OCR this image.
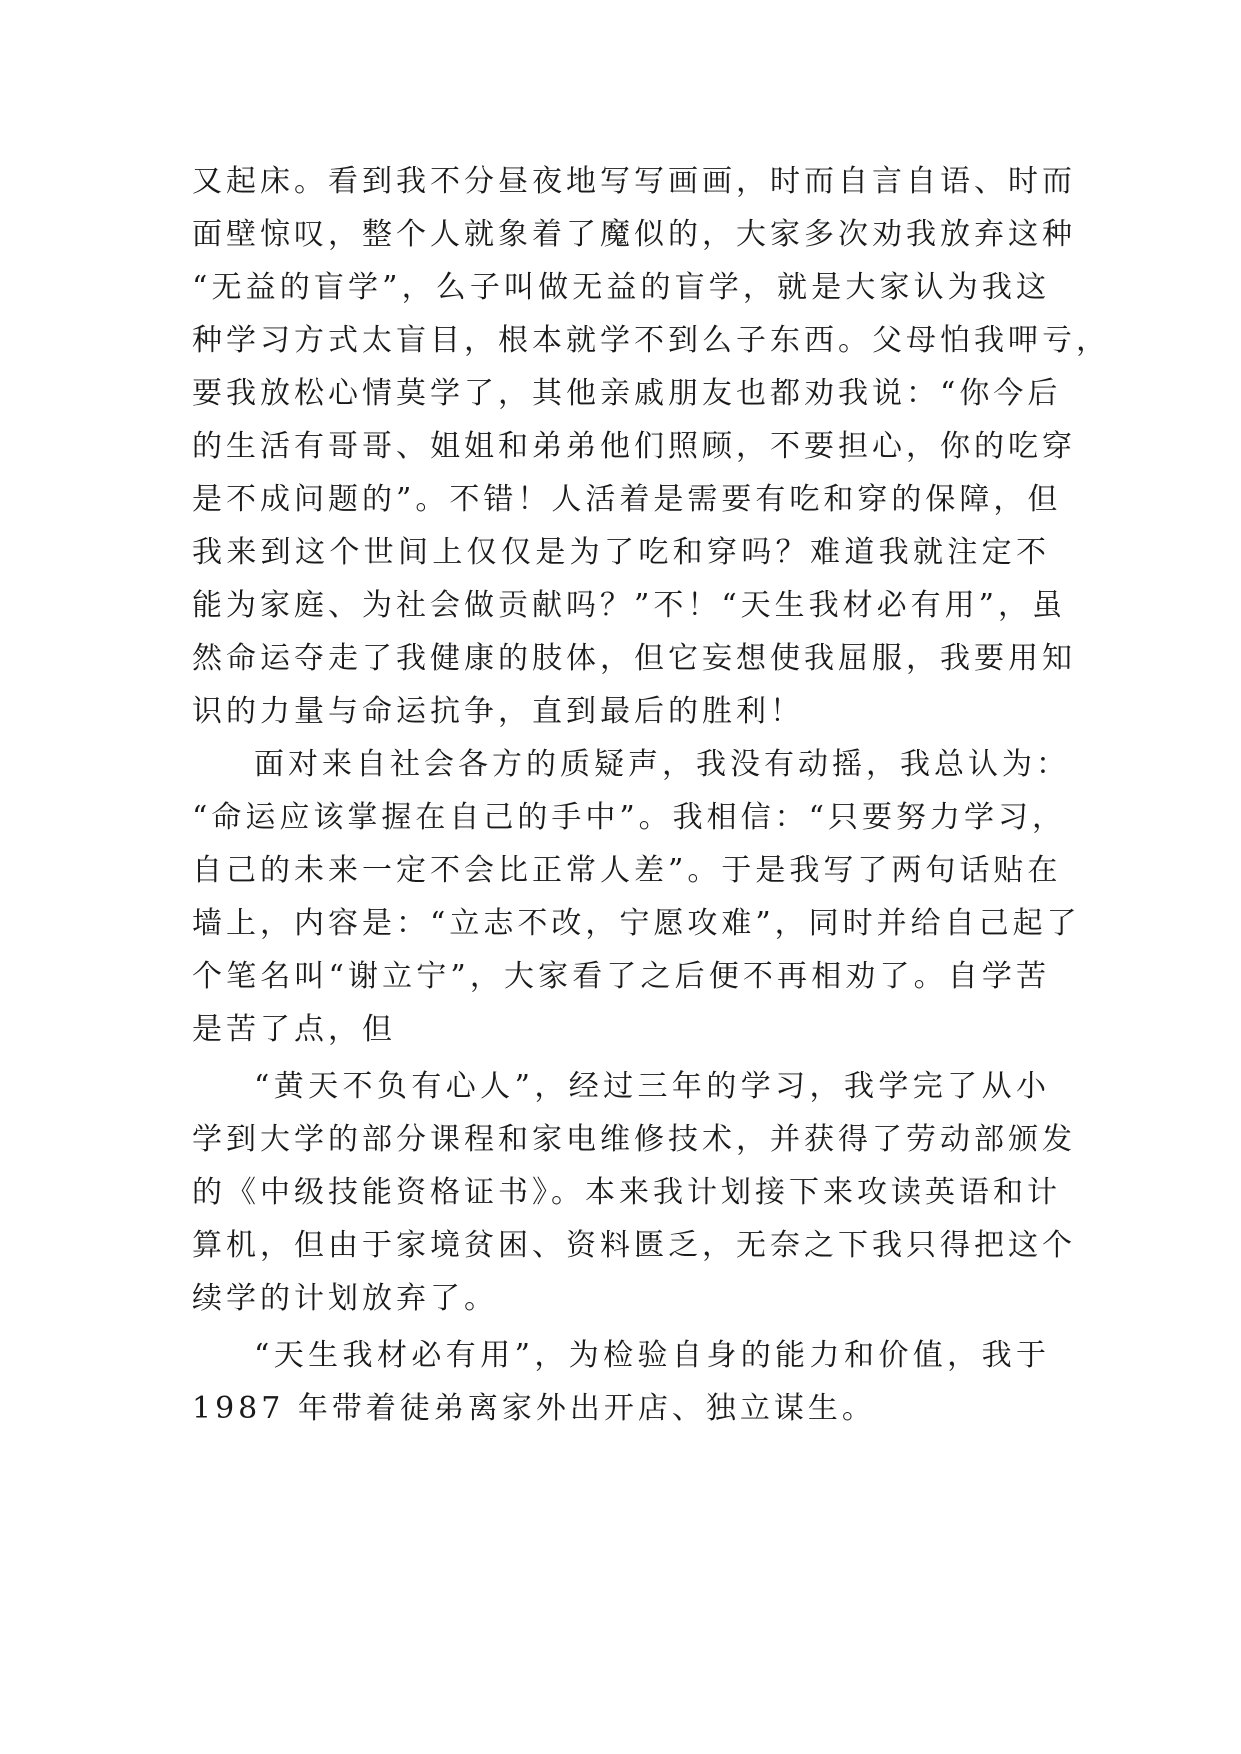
又起床。看到我不分昼夜地写写画画，时而自言自语、时而
面壁惊叹，整个人就象着了魔似的，大家多次劝我放弃这种
“无益的盲学”，么子叫做无益的盲学，就是大家认为我这
种学习方式太盲目，根本就学不到么子东西。父母怕我呷亏，
要我放松心情莫学了，其他亲戚朋友也都劝我说：“你今后
的生活有哥哥、姐姐和弟弟他们照顾，不要担心，你的吃穿
是不成问题的”。不错！人活着是需要有吃和穿的保障，但
我来到这个世间上仅仅是为了吃和穿吗？难道我就注定不
能为家庭、为社会做贡献吗？”不！“天生我材必有用”，虽
然命运夺走了我健康的肢体，但它妄想使我屈服，我要用知
识的力量与命运抗争，直到最后的胜利！
面对来自社会各方的质疑声，我没有动摇，我总认为：
“命运应该掌握在自己的手中”。我相信：“只要努力学习，
自己的未来一定不会比正常人差”。于是我写了两句话贴在
墙上，内容是：“立志不改，宁愿攻难”，同时并给自己起了
个笔名叫“谢立宁”，大家看了之后便不再相劝了。自学苦
是苦了点，但
“黄天不负有心人”，经过三年的学习，我学完了从小
学到大学的部分课程和家电维修技术，并获得了劳动部颁发
的《中级技能资格证书》。本来我计划接下来攻读英语和计
算机，但由于家境贫困、资料匮乏，无奈之下我只得把这个
续学的计划放弃了。
“天生我材必有用”，为检验自身的能力和价值，我于
1987 年带着徒弟离家外出开店、独立谋生。
